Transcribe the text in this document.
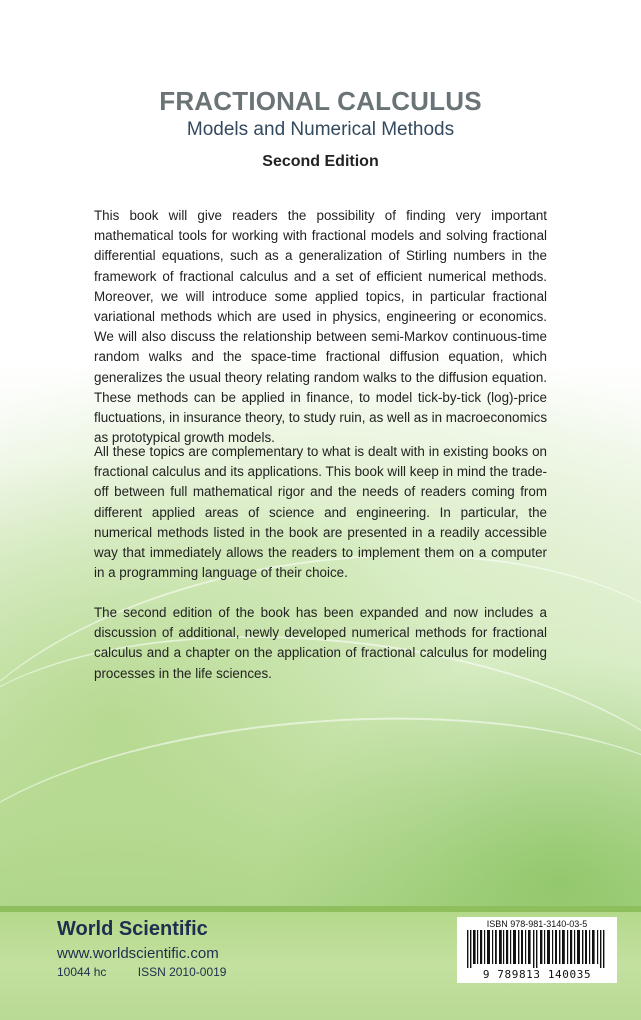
FRACTIONAL CALCULUS
Models and Numerical Methods
Second Edition

This book will give readers the possibility of finding very important mathematical tools for working with fractional models and solving fractional differential equations, such as a generalization of Stirling numbers in the framework of fractional calculus and a set of efficient numerical methods. Moreover, we will introduce some applied topics, in particular fractional variational methods which are used in physics, engineering or economics. We will also discuss the relationship between semi-Markov continuous-time random walks and the space-time fractional diffusion equation, which generalizes the usual theory relating random walks to the diffusion equation. These methods can be applied in finance, to model tick-by-tick (log)-price fluctuations, in insurance theory, to study ruin, as well as in macroeconomics as prototypical growth models.

All these topics are complementary to what is dealt with in existing books on fractional calculus and its applications. This book will keep in mind the trade-off between full mathematical rigor and the needs of readers coming from different applied areas of science and engineering. In particular, the numerical methods listed in the book are presented in a readily accessible way that immediately allows the readers to implement them on a computer in a programming language of their choice.

The second edition of the book has been expanded and now includes a discussion of additional, newly developed numerical methods for fractional calculus and a chapter on the application of fractional calculus for modeling processes in the life sciences.

World Scientific
www.worldscientific.com
10044 hc	ISSN 2010-0019
ISBN 978-981-3140-03-5
9 789813 140035
